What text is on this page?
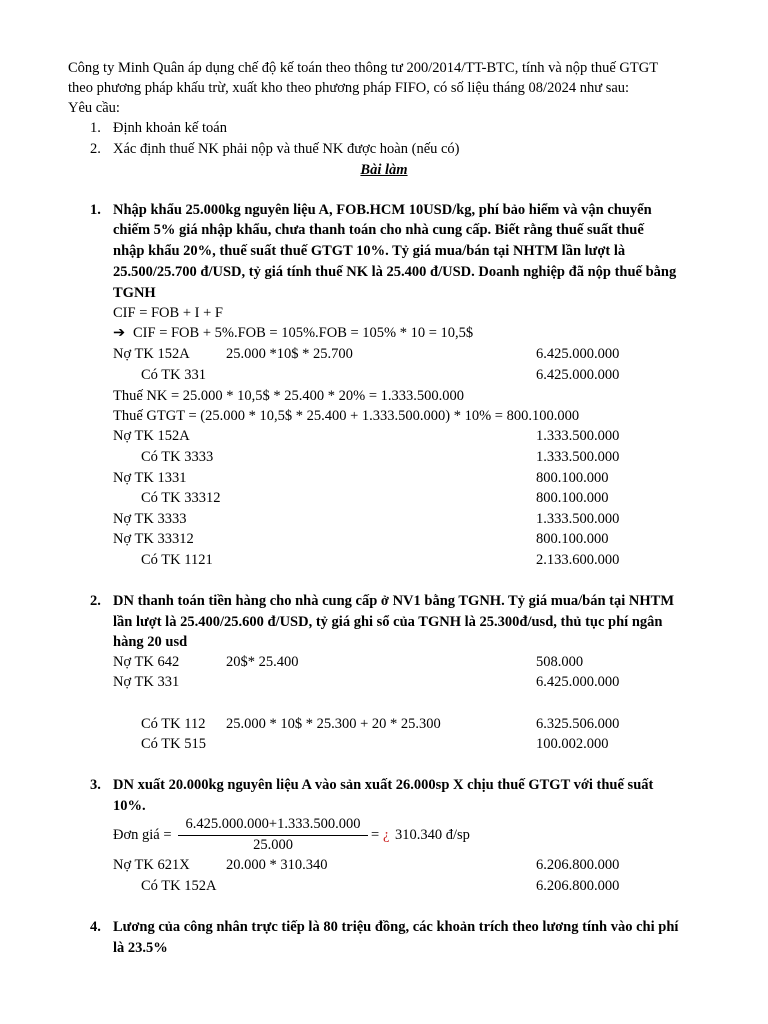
Công ty Minh Quân áp dụng chế độ kế toán theo thông tư 200/2014/TT-BTC, tính và nộp thuế GTGT
theo phương pháp khấu trừ, xuất kho theo phương pháp FIFO, có số liệu tháng 08/2024 như sau:
Yêu cầu:
1. Định khoản kế toán
2. Xác định thuế NK phải nộp và thuế NK được hoàn (nếu có)
Bài làm
1. Nhập khẩu 25.000kg nguyên liệu A, FOB.HCM 10USD/kg, phí bảo hiểm và vận chuyển
chiếm 5% giá nhập khẩu, chưa thanh toán cho nhà cung cấp. Biết rằng thuế suất thuế
nhập khẩu 20%, thuế suất thuế GTGT 10%. Tỷ giá mua/bán tại NHTM lần lượt là
25.500/25.700 đ/USD, tỷ giá tính thuế NK là 25.400 đ/USD. Doanh nghiệp đã nộp thuế bằng
TGNH
CIF = FOB + I + F
➔ CIF = FOB + 5%.FOB = 105%.FOB = 105% * 10 = 10,5$
Nợ TK 152A	25.000 *10$ * 25.700	6.425.000.000
Có TK 331	6.425.000.000
Thuế NK = 25.000 * 10,5$ * 25.400 * 20% = 1.333.500.000
Thuế GTGT = (25.000 * 10,5$ * 25.400 + 1.333.500.000) * 10% = 800.100.000
Nợ TK 152A	1.333.500.000
Có TK 3333	1.333.500.000
Nợ TK 1331	800.100.000
Có TK 33312	800.100.000
Nợ TK 3333	1.333.500.000
Nợ TK 33312	800.100.000
Có TK 1121	2.133.600.000
2. DN thanh toán tiền hàng cho nhà cung cấp ở NV1 bằng TGNH. Tỷ giá mua/bán tại NHTM
lần lượt là 25.400/25.600 đ/USD, tỷ giá ghi sổ của TGNH là 25.300đ/usd, thủ tục phí ngân
hàng 20 usd
Nợ TK 642	20$* 25.400	508.000
Nợ TK 331	6.425.000.000
Có TK 112 25.000 * 10$ * 25.300 + 20 * 25.300	6.325.506.000
Có TK 515	100.002.000
3. DN xuất 20.000kg nguyên liệu A vào sản xuất 26.000sp X chịu thuế GTGT với thuế suất
10%.
Đơn giá =
6.425.000.000+1.333.500.000
25.000
= ¿ 310.340 đ/sp
Nợ TK 621X	20.000 * 310.340	6.206.800.000
Có TK 152A	6.206.800.000
4. Lương của công nhân trực tiếp là 80 triệu đồng, các khoản trích theo lương tính vào chi phí
là 23.5%
